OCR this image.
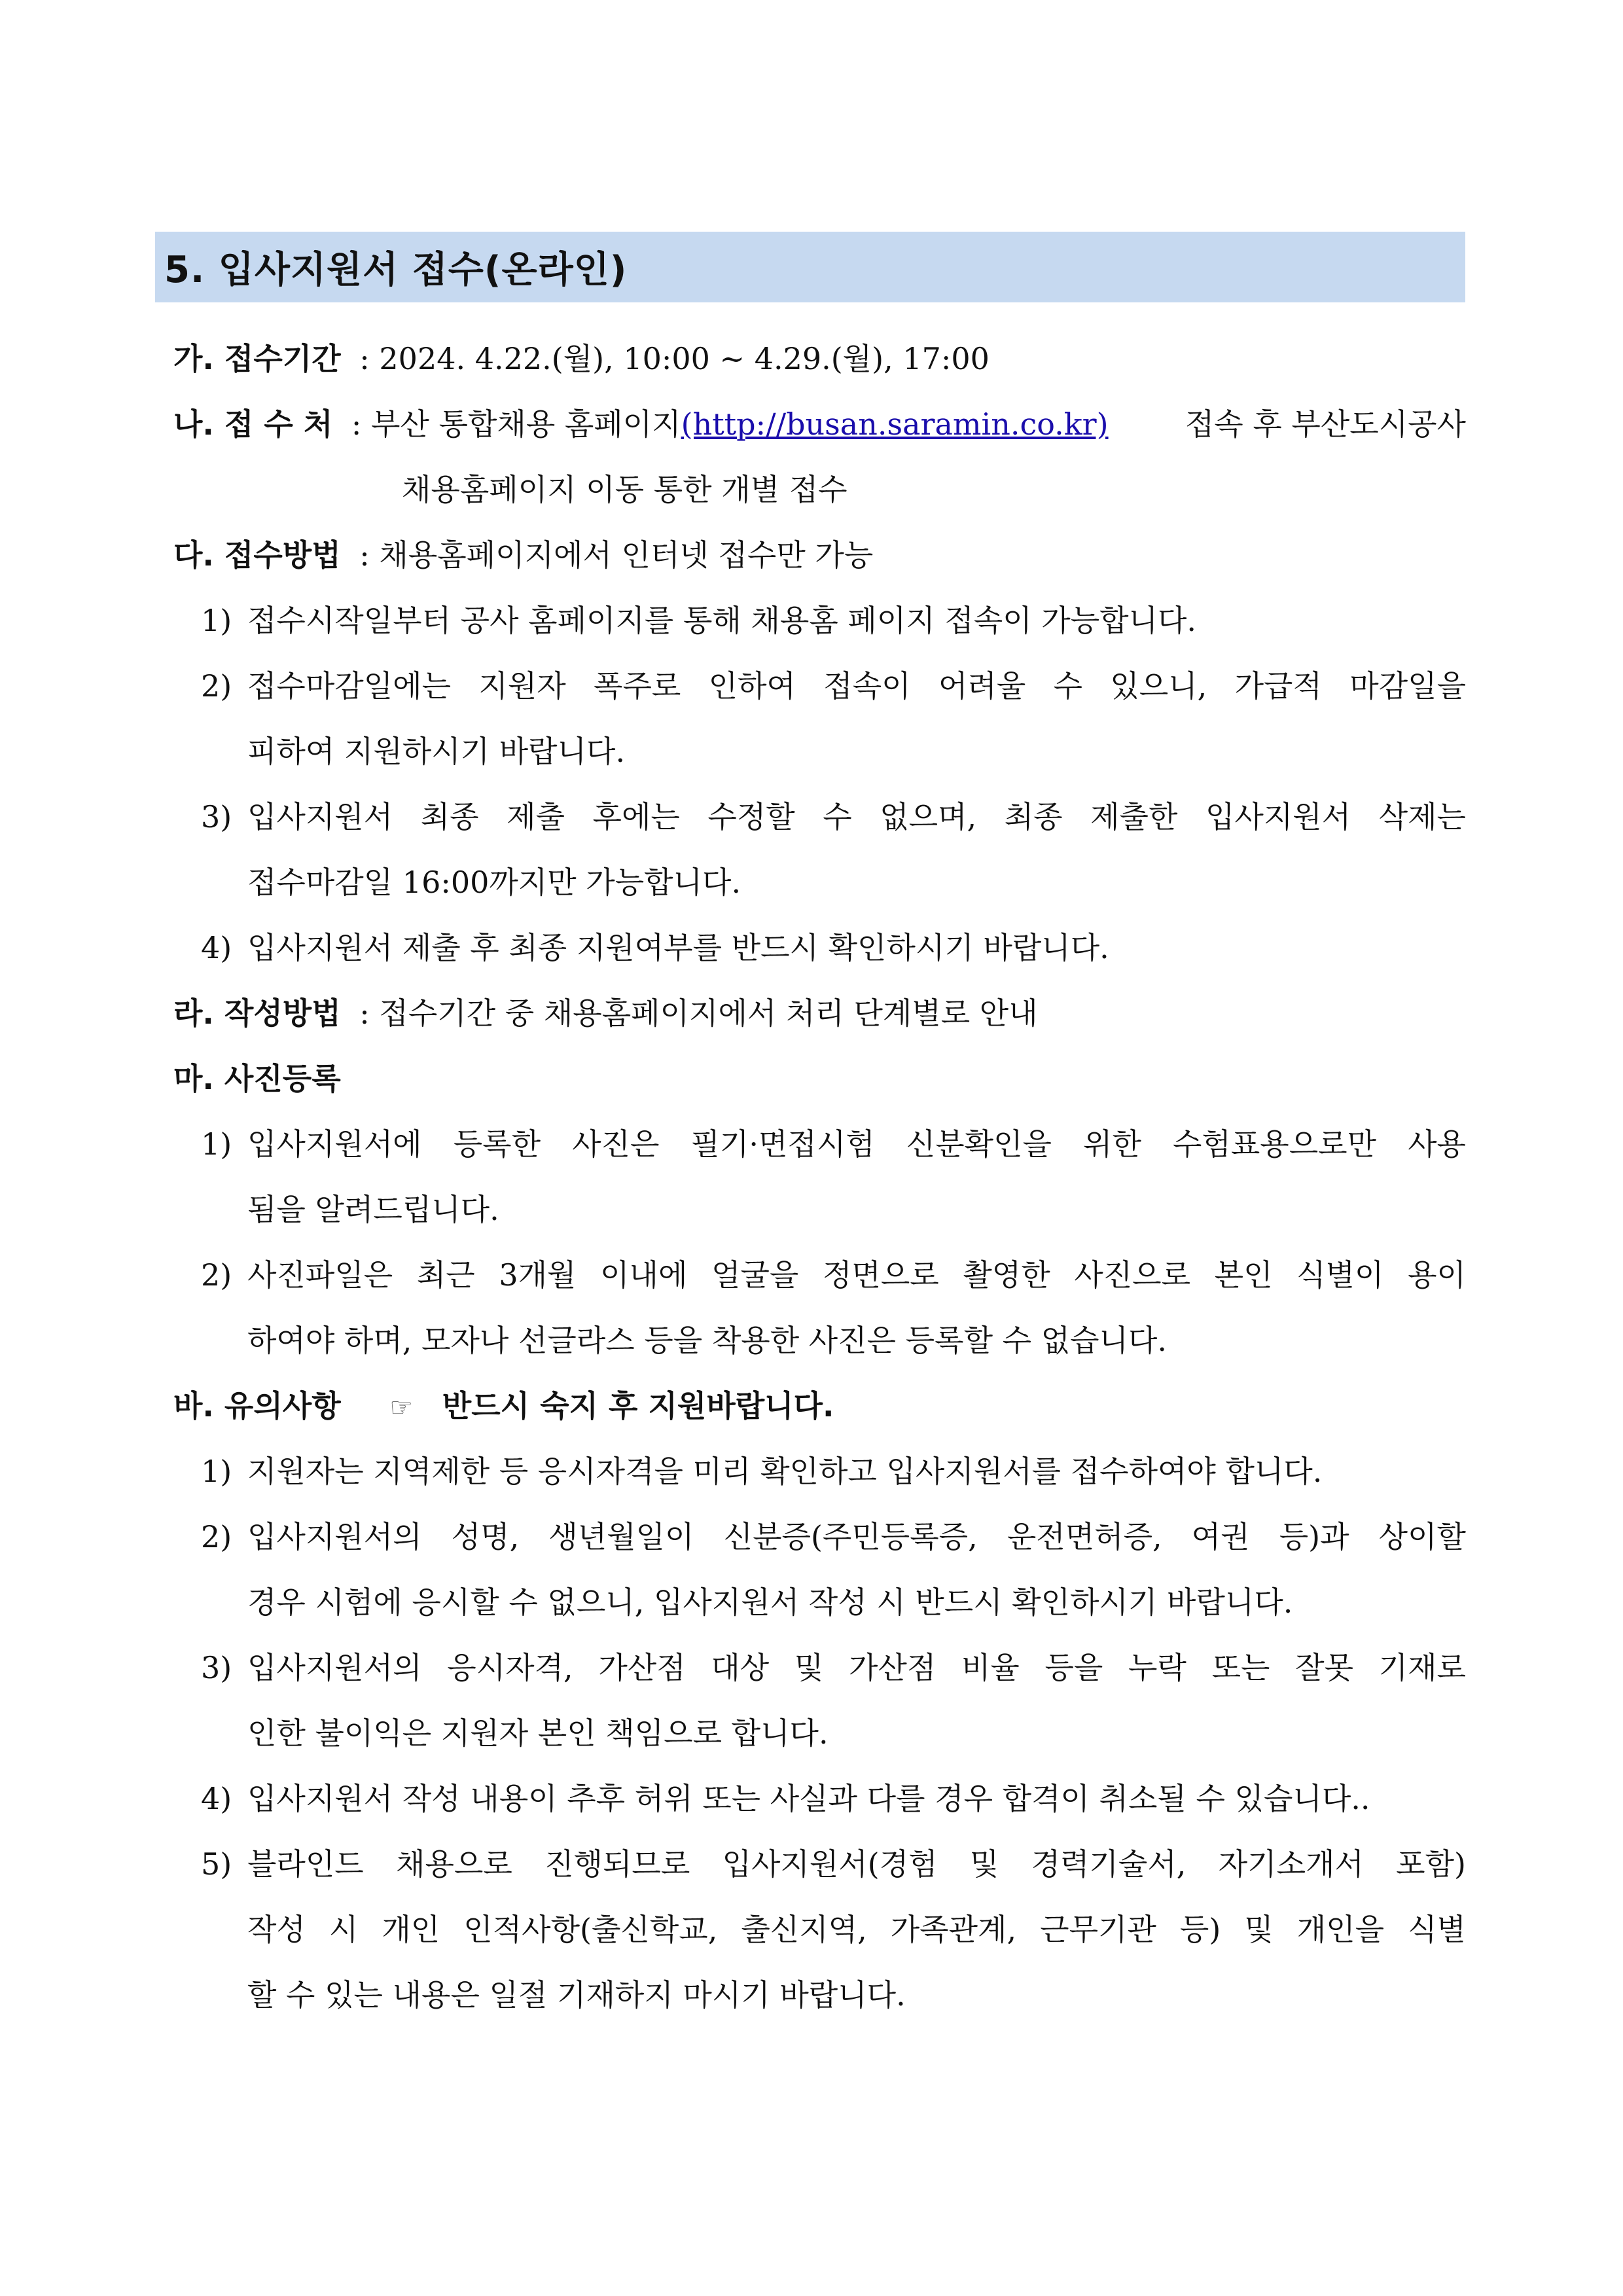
5. 입사지원서 접수(온라인)
가. 접수기간 : 2024. 4.22.(월), 10:00 ~ 4.29.(월), 17:00
나. 접 수 처 : 부산 통합채용 홈페이지(http://busan.saramin.co.kr)	접속 후 부산도시공사
채용홈페이지 이동 통한 개별 접수
다. 접수방법 : 채용홈페이지에서 인터넷 접수만 가능
1) 접수시작일부터 공사 홈페이지를 통해 채용홈 페이지 접속이 가능합니다.
2) 접수마감일에는 지원자 폭주로 인하여 접속이 어려울 수 있으니, 가급적 마감일을
피하여 지원하시기 바랍니다.
3) 입사지원서 최종 제출 후에는 수정할 수 없으며, 최종 제출한 입사지원서 삭제는
접수마감일 16:00까지만 가능합니다.
4) 입사지원서 제출 후 최종 지원여부를 반드시 확인하시기 바랍니다.
라. 작성방법 : 접수기간 중 채용홈페이지에서 처리 단계별로 안내
마. 사진등록
1) 입사지원서에 등록한 사진은 필기·면접시험 신분확인을 위한 수험표용으로만 사용
됨을 알려드립니다.
2) 사진파일은 최근 3개월 이내에 얼굴을 정면으로 촬영한 사진으로 본인 식별이 용이
하여야 하며, 모자나 선글라스 등을 착용한 사진은 등록할 수 없습니다.
바. 유의사항 ☞ 반드시 숙지 후 지원바랍니다.
1) 지원자는 지역제한 등 응시자격을 미리 확인하고 입사지원서를 접수하여야 합니다.
2) 입사지원서의 성명, 생년월일이 신분증(주민등록증, 운전면허증, 여권 등)과 상이할
경우 시험에 응시할 수 없으니, 입사지원서 작성 시 반드시 확인하시기 바랍니다.
3) 입사지원서의 응시자격, 가산점 대상 및 가산점 비율 등을 누락 또는 잘못 기재로
인한 불이익은 지원자 본인 책임으로 합니다.
4) 입사지원서 작성 내용이 추후 허위 또는 사실과 다를 경우 합격이 취소될 수 있습니다..
5) 블라인드 채용으로 진행되므로 입사지원서(경험 및 경력기술서, 자기소개서 포함)
작성 시 개인 인적사항(출신학교, 출신지역, 가족관계, 근무기관 등) 및 개인을 식별
할 수 있는 내용은 일절 기재하지 마시기 바랍니다.
